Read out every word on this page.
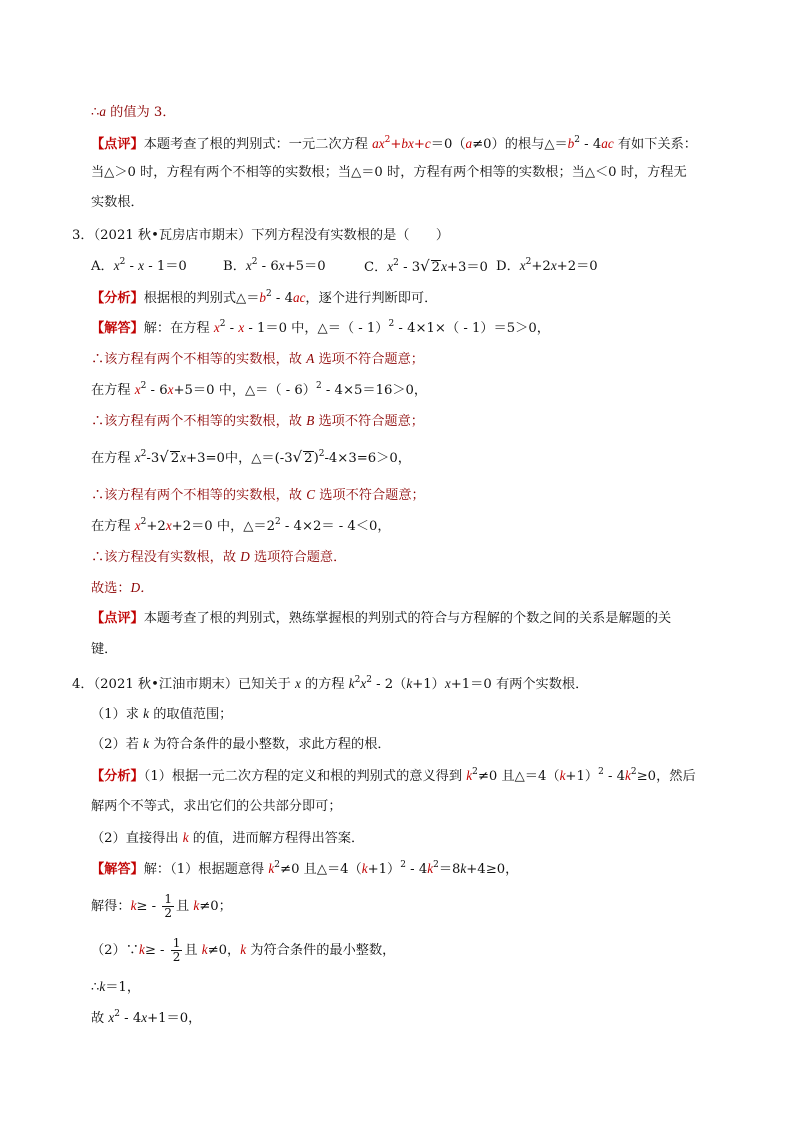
∴a 的值为 3．
【点评】本题考查了根的判别式：一元二次方程 $ax^2+bx+c=0(a\ne 0)$的根与$\triangle=b^2 - 4ac$ 有如下关系：
当△＞0 时，方程有两个不相等的实数根；当△＝0 时，方程有两个相等的实数根；当△＜0 时，方程无
实数根．
3．（2021 秋•瓦房店市期末）下列方程没有实数根的是（　　）
A．$x^2 - x - 1=0$	B．$x^2 - 6x+5=0$	C．$x^2 - 3√$ 2x+3＝0 D．$x^2+2x+2=0$
【分析】根据根的判别式$\triangle=b^2 - 4ac$，逐个进行判断即可．
【解答】解：在方程 $x^2 - x - 1=0$ 中，△＝（ - 1）$^2$ - 4×1×（ - 1）＝5＞0，
∴该方程有两个不相等的实数根，故 A 选项不符合题意；
在方程 $x^2 - 6x+5=0$ 中，△＝（ - 6）$^2$ - 4×5＝16＞0，
∴该方程有两个不相等的实数根，故 B 选项不符合题意；
在方程 $x^2-3√$ 2x+3=0中，△＝(-3√ 2)$^2$-4×3=6＞0，
∴该方程有两个不相等的实数根，故 C 选项不符合题意；
在方程 $x^2+2x+2=0$ 中，$\triangle=2^2 - 4\times 2= - 4<0$，
∴该方程没有实数根，故 D 选项符合题意．
故选：D．
【点评】本题考查了根的判别式，熟练掌握根的判别式的符合与方程解的个数之间的关系是解题的关
键．
4．（2021 秋•江油市期末）已知关于 x 的方程 $k^2x^2 - 2(k+1)x+1=0$ 有两个实数根．
（1）求 k 的取值范围；
（2）若 k 为符合条件的最小整数，求此方程的根．
【分析】（1）根据一元二次方程的定义和根的判别式的意义得到 $k^2\ne 0$ 且$\triangle=4(k+1)^2 - 4k^2\ge 0$，然后
解两个不等式，求出它们的公共部分即可；
（2）直接得出 k 的值，进而解方程得出答案．
【解答】解：（1）根据题意得 $k^2\ne 0$ 且$\triangle=4(k+1)^2 - 4k^2=8k+4\ge 0$，
解得：$k\ge - \frac{1}{2}$ 且 k≠0；
（2）∵k≥ - $\frac{1}{2}$ 且 k≠0，k 为符合条件的最小整数，
∴k＝1，
故 $x^2 - 4x+1=0$，
